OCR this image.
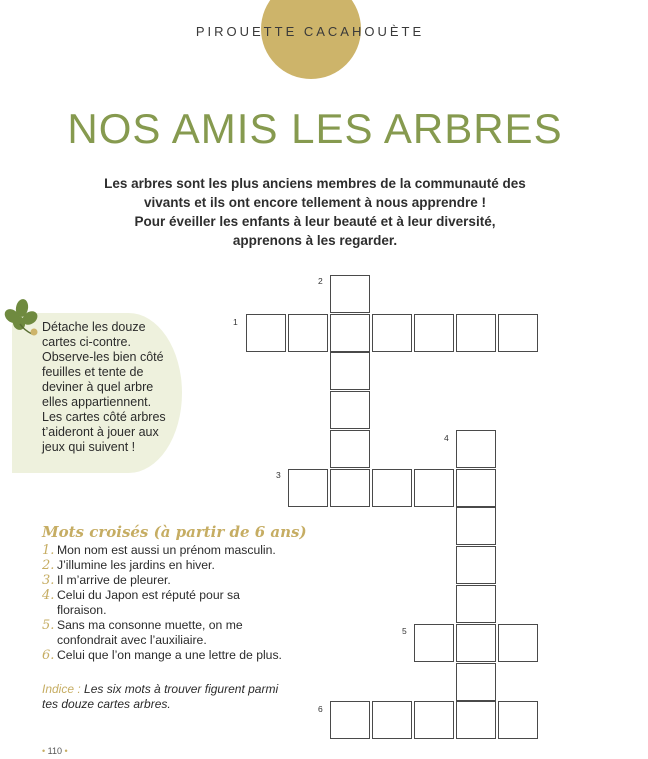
PIROUETTE CACAHOUÈTE
NOS AMIS LES ARBRES
Les arbres sont les plus anciens membres de la communauté des
vivants et ils ont encore tellement à nous apprendre !
Pour éveiller les enfants à leur beauté et à leur diversité,
apprenons à les regarder.
Détache les douze
cartes ci-contre.
Observe-les bien côté
feuilles et tente de
deviner à quel arbre
elles appartiennent.
Les cartes côté arbres
t’aideront à jouer aux
jeux qui suivent !
Mots croisés (à partir de 6 ans)
1. Mon nom est aussi un prénom masculin.
2. J’illumine les jardins en hiver.
3. Il m’arrive de pleurer.
4. Celui du Japon est réputé pour sa
floraison.
5. Sans ma consonne muette, on me
confondrait avec l’auxiliaire.
6. Celui que l’on mange a une lettre de plus.
Indice : Les six mots à trouver figurent parmi
tes douze cartes arbres.
1
2
3
4
5
6
• 110 •
